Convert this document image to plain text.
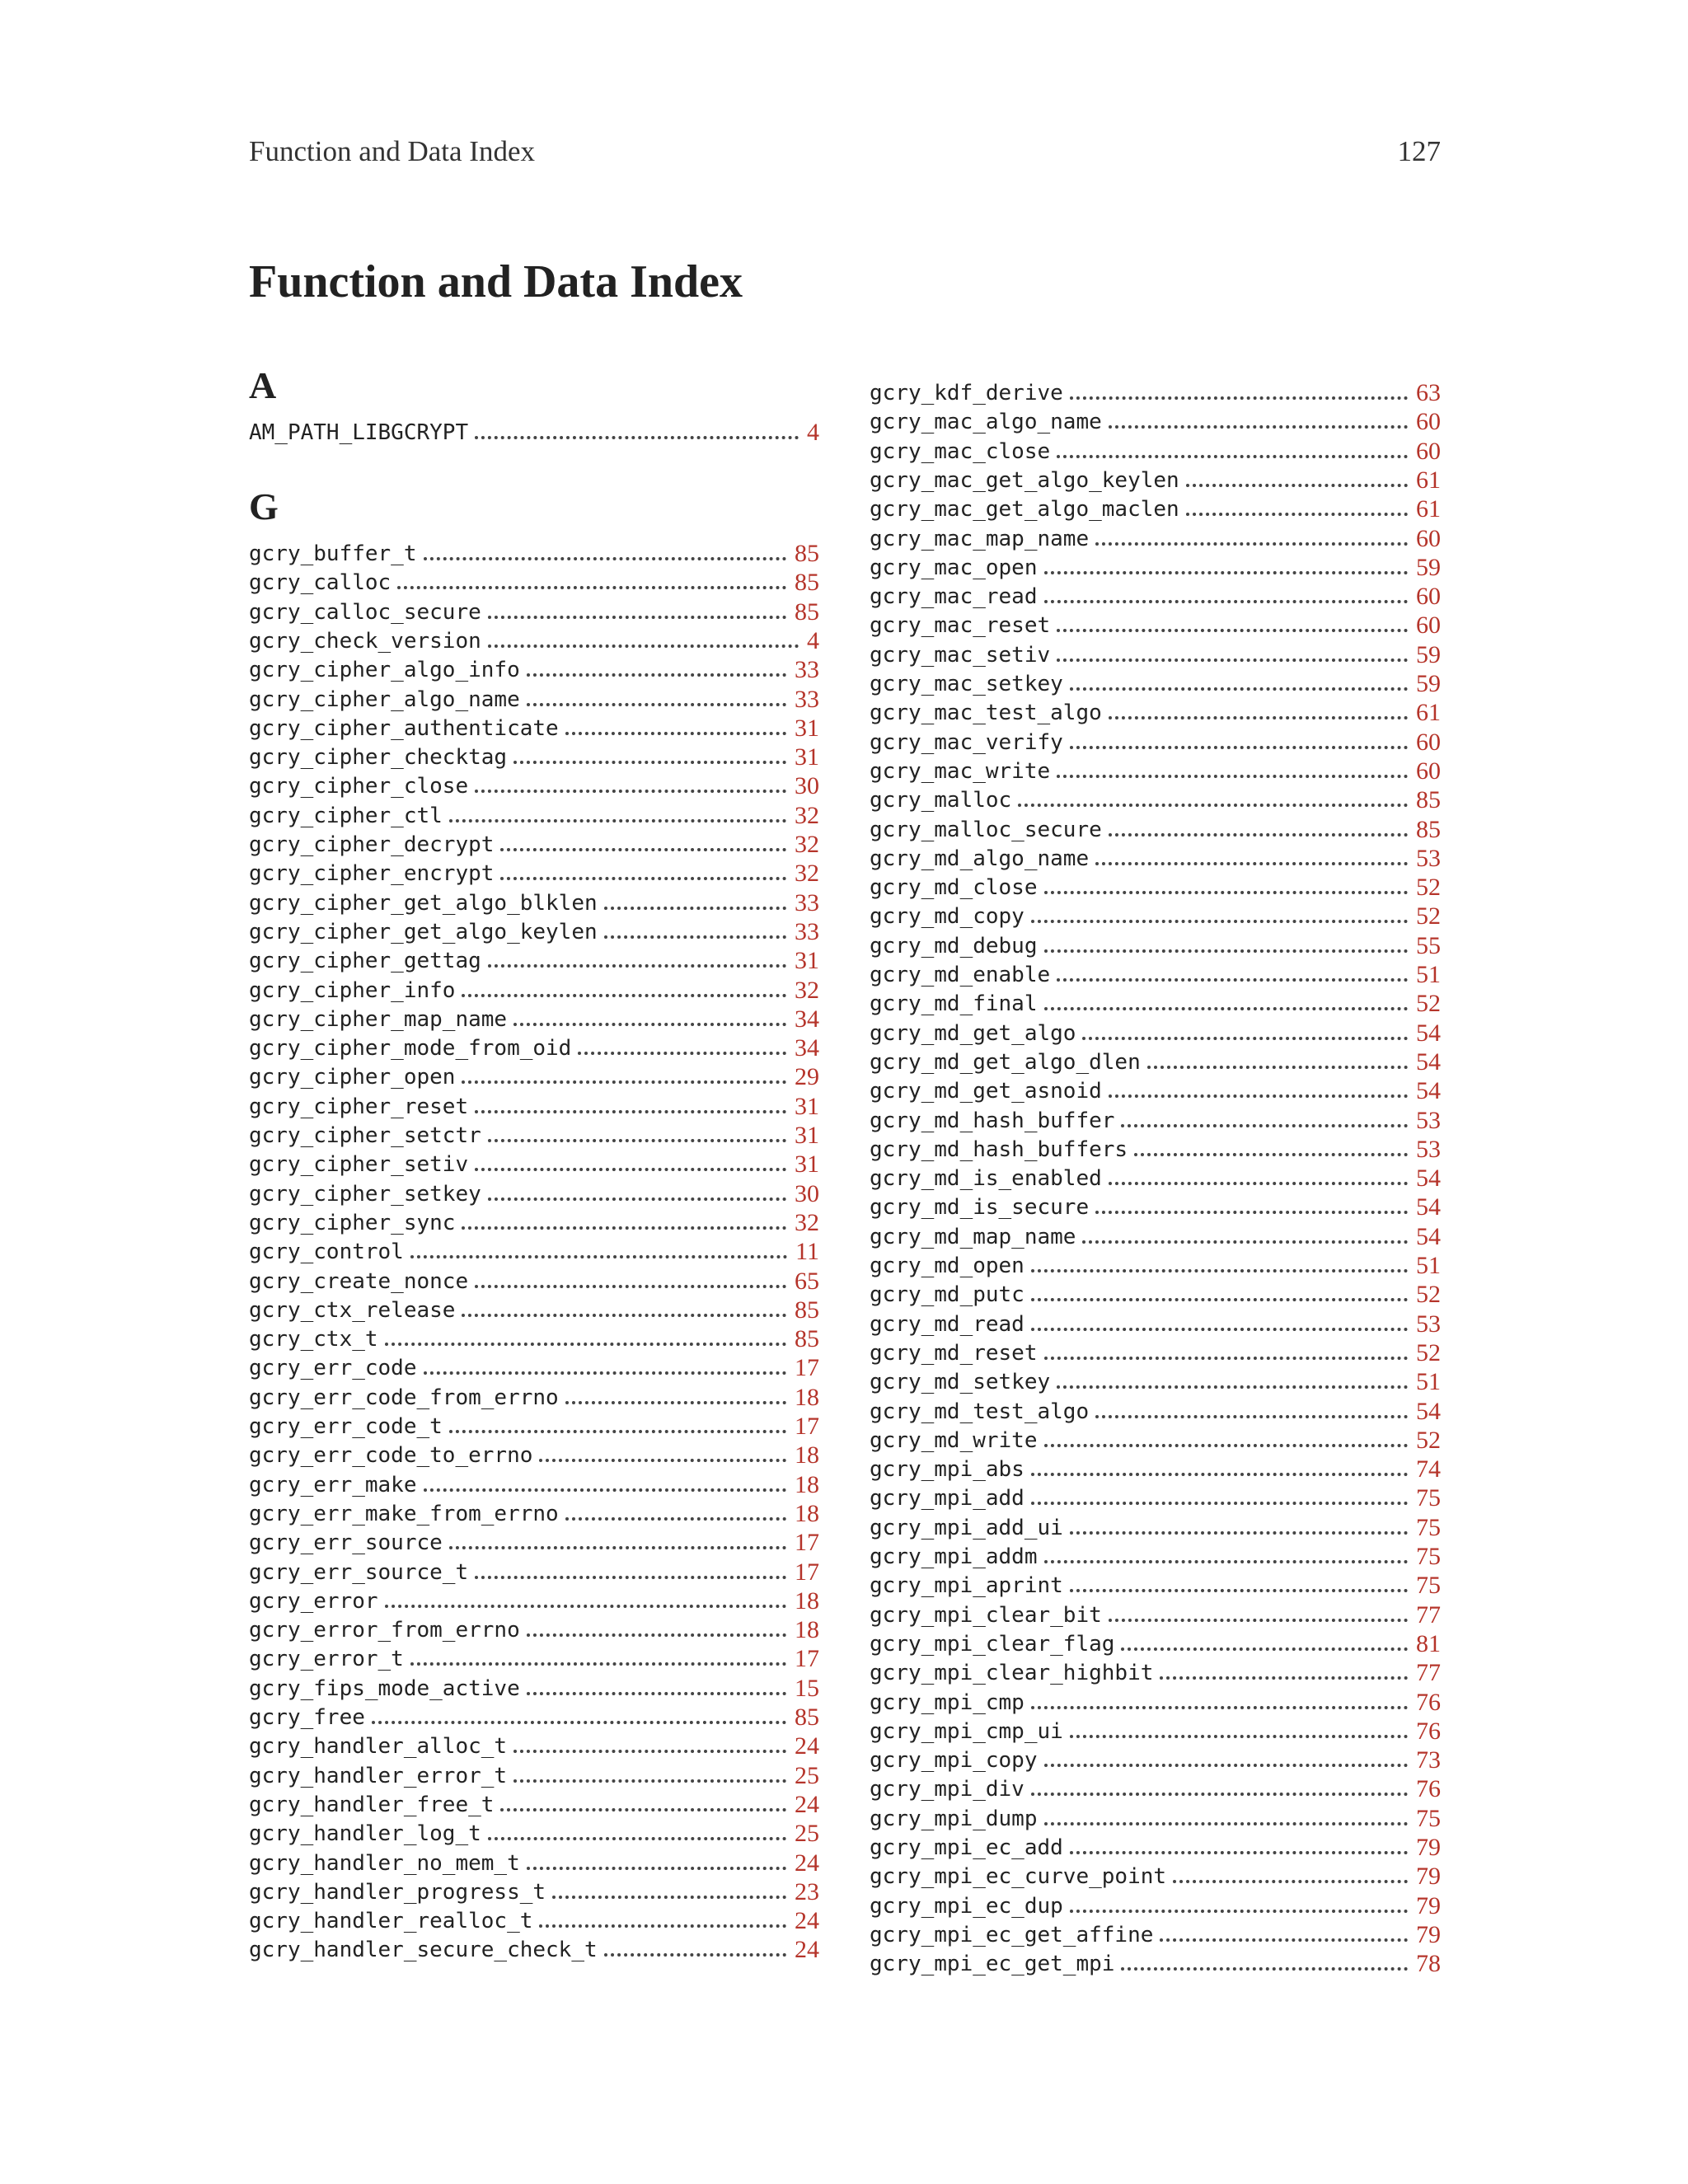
Function and Data Index	127
Function and Data Index
A
AM_PATH_LIBGCRYPT	4
G
gcry_buffer_t	85
gcry_calloc	85
gcry_calloc_secure	85
gcry_check_version	4
gcry_cipher_algo_info	33
gcry_cipher_algo_name	33
gcry_cipher_authenticate	31
gcry_cipher_checktag	31
gcry_cipher_close	30
gcry_cipher_ctl	32
gcry_cipher_decrypt	32
gcry_cipher_encrypt	32
gcry_cipher_get_algo_blklen	33
gcry_cipher_get_algo_keylen	33
gcry_cipher_gettag	31
gcry_cipher_info	32
gcry_cipher_map_name	34
gcry_cipher_mode_from_oid	34
gcry_cipher_open	29
gcry_cipher_reset	31
gcry_cipher_setctr	31
gcry_cipher_setiv	31
gcry_cipher_setkey	30
gcry_cipher_sync	32
gcry_control	11
gcry_create_nonce	65
gcry_ctx_release	85
gcry_ctx_t	85
gcry_err_code	17
gcry_err_code_from_errno	18
gcry_err_code_t	17
gcry_err_code_to_errno	18
gcry_err_make	18
gcry_err_make_from_errno	18
gcry_err_source	17
gcry_err_source_t	17
gcry_error	18
gcry_error_from_errno	18
gcry_error_t	17
gcry_fips_mode_active	15
gcry_free	85
gcry_handler_alloc_t	24
gcry_handler_error_t	25
gcry_handler_free_t	24
gcry_handler_log_t	25
gcry_handler_no_mem_t	24
gcry_handler_progress_t	23
gcry_handler_realloc_t	24
gcry_handler_secure_check_t	24
gcry_kdf_derive	63
gcry_mac_algo_name	60
gcry_mac_close	60
gcry_mac_get_algo_keylen	61
gcry_mac_get_algo_maclen	61
gcry_mac_map_name	60
gcry_mac_open	59
gcry_mac_read	60
gcry_mac_reset	60
gcry_mac_setiv	59
gcry_mac_setkey	59
gcry_mac_test_algo	61
gcry_mac_verify	60
gcry_mac_write	60
gcry_malloc	85
gcry_malloc_secure	85
gcry_md_algo_name	53
gcry_md_close	52
gcry_md_copy	52
gcry_md_debug	55
gcry_md_enable	51
gcry_md_final	52
gcry_md_get_algo	54
gcry_md_get_algo_dlen	54
gcry_md_get_asnoid	54
gcry_md_hash_buffer	53
gcry_md_hash_buffers	53
gcry_md_is_enabled	54
gcry_md_is_secure	54
gcry_md_map_name	54
gcry_md_open	51
gcry_md_putc	52
gcry_md_read	53
gcry_md_reset	52
gcry_md_setkey	51
gcry_md_test_algo	54
gcry_md_write	52
gcry_mpi_abs	74
gcry_mpi_add	75
gcry_mpi_add_ui	75
gcry_mpi_addm	75
gcry_mpi_aprint	75
gcry_mpi_clear_bit	77
gcry_mpi_clear_flag	81
gcry_mpi_clear_highbit	77
gcry_mpi_cmp	76
gcry_mpi_cmp_ui	76
gcry_mpi_copy	73
gcry_mpi_div	76
gcry_mpi_dump	75
gcry_mpi_ec_add	79
gcry_mpi_ec_curve_point	79
gcry_mpi_ec_dup	79
gcry_mpi_ec_get_affine	79
gcry_mpi_ec_get_mpi	78
